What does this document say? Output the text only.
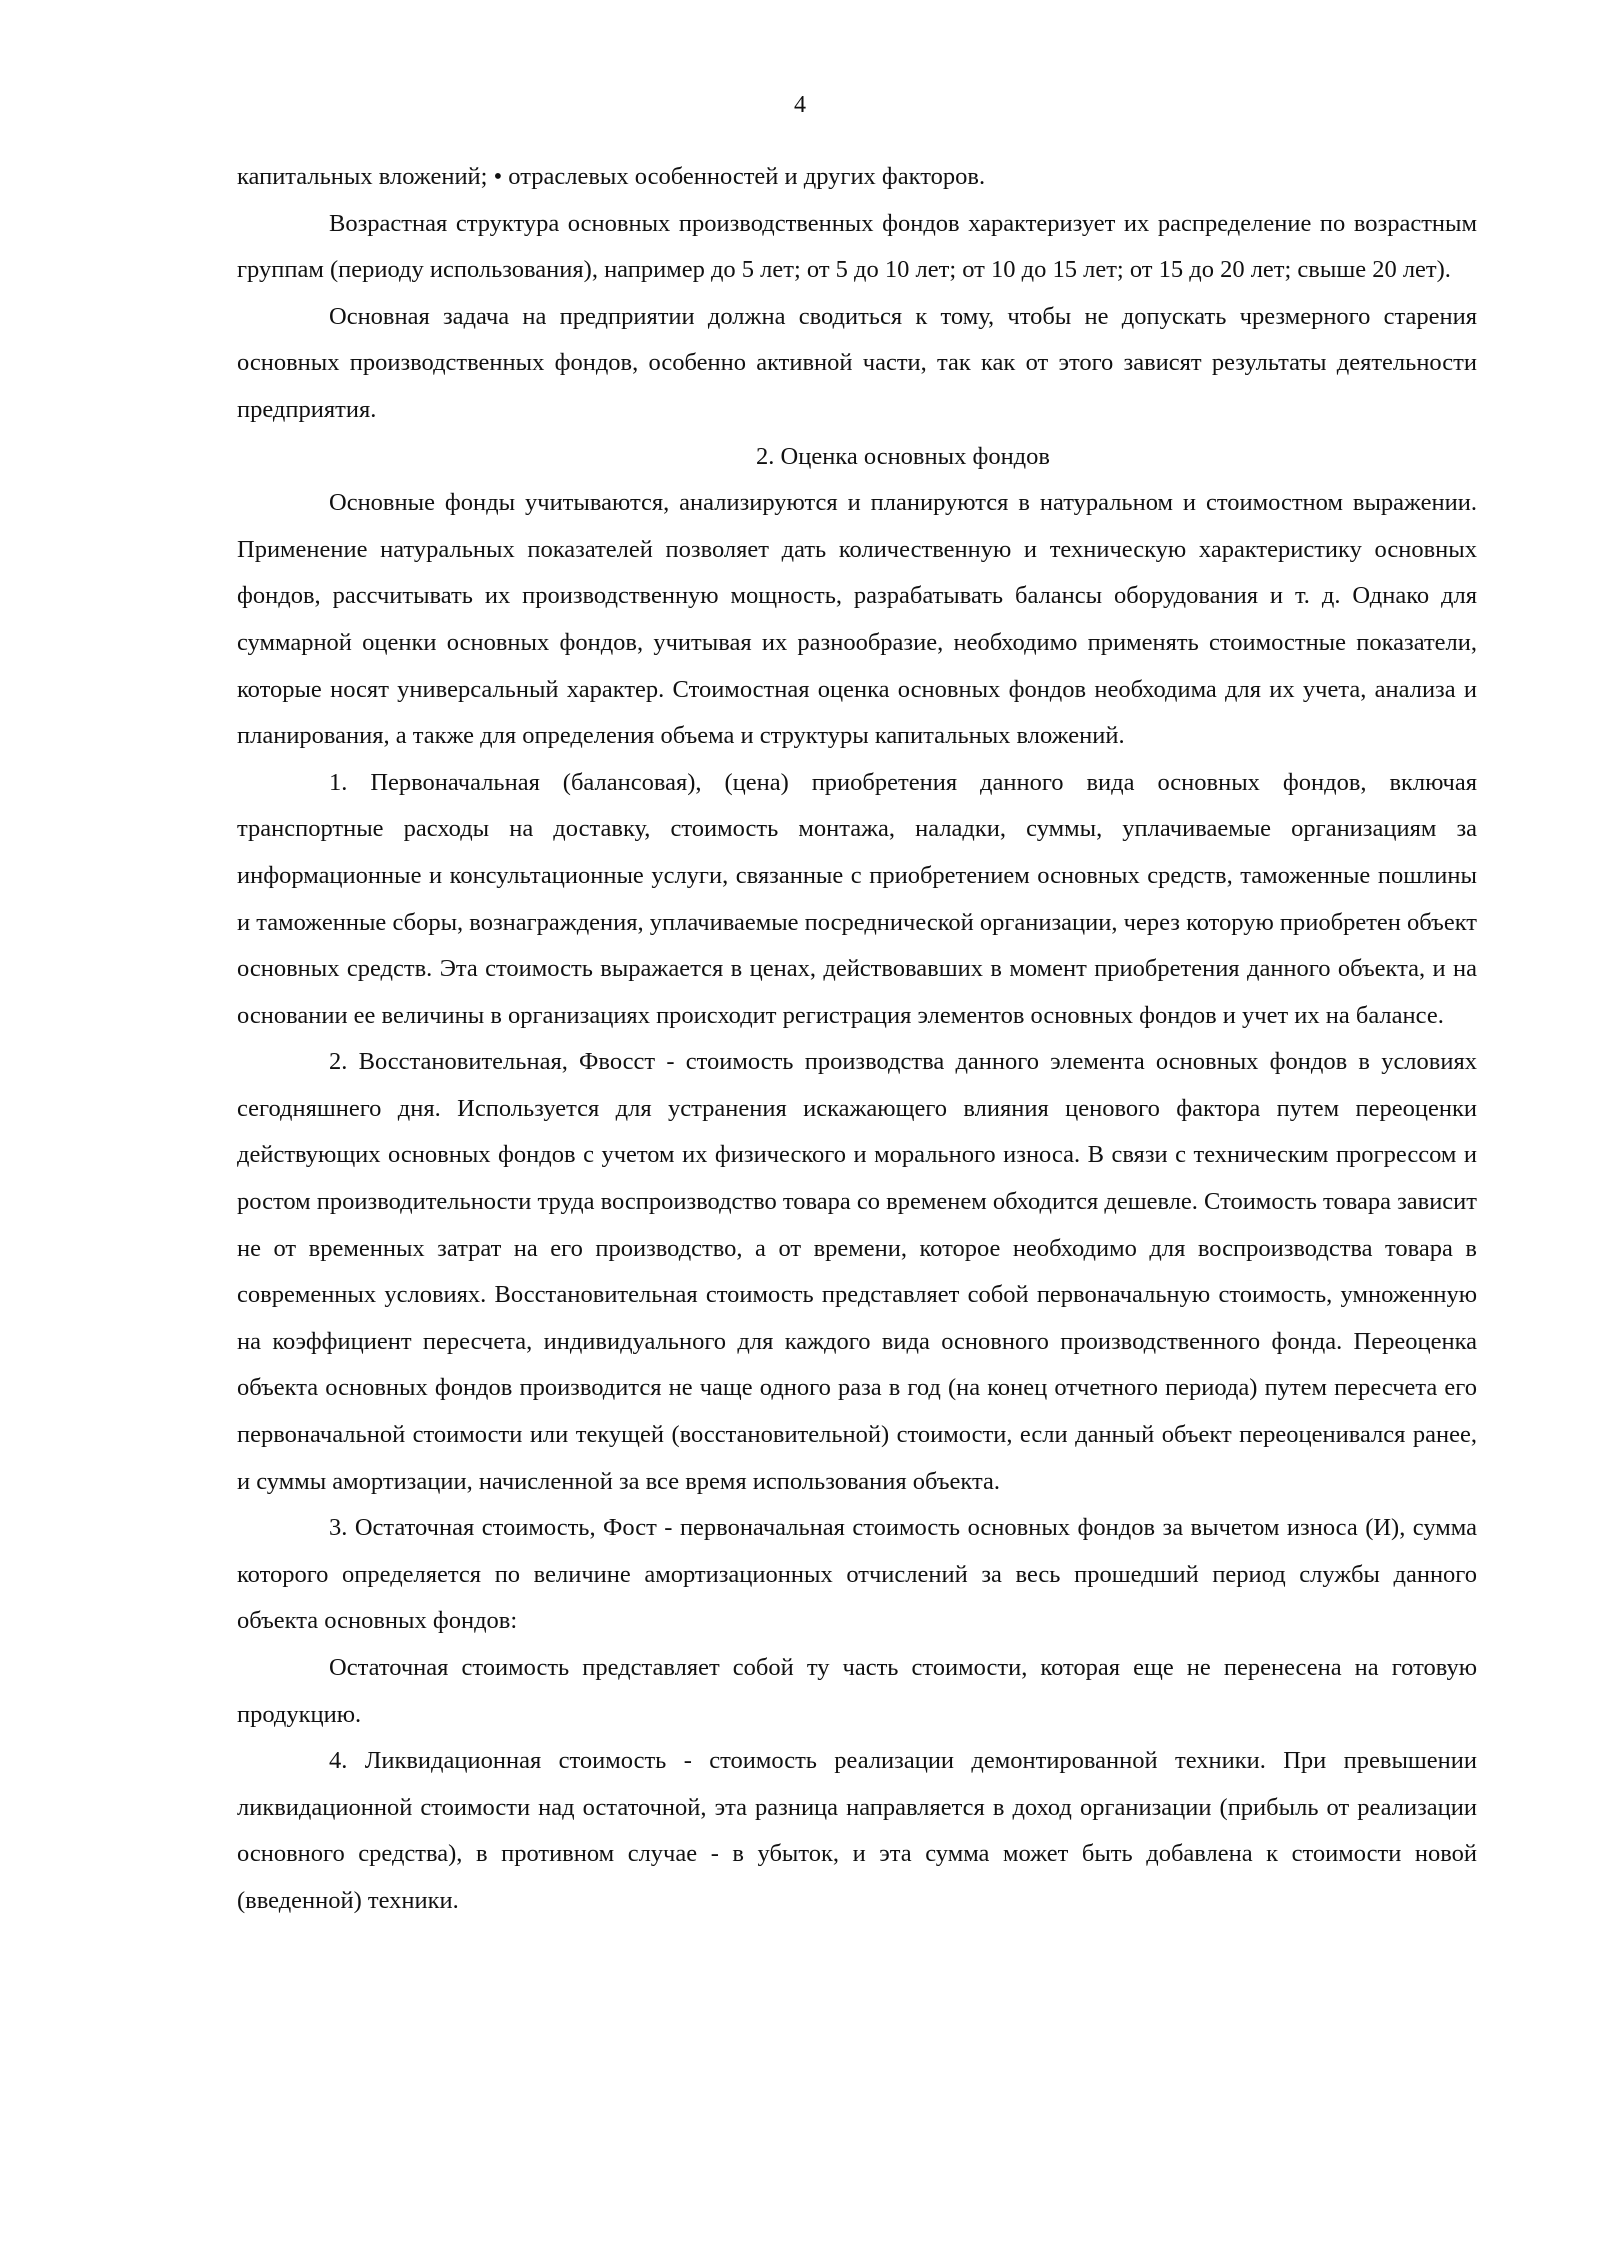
4

капитальных вложений; • отраслевых особенностей и других факторов.

Возрастная структура основных производственных фондов характеризует их распределение по возрастным группам (периоду использования), например до 5 лет; от 5 до 10 лет; от 10 до 15 лет; от 15 до 20 лет; свыше 20 лет).

Основная задача на предприятии должна сводиться к тому, чтобы не допускать чрезмерного старения основных производственных фондов, особенно активной части, так как от этого зависят результаты деятельности предприятия.

2. Оценка основных фондов

Основные фонды учитываются, анализируются и планируются в натуральном и стоимостном выражении. Применение натуральных показателей позволяет дать количественную и техническую характеристику основных фондов, рассчитывать их производственную мощность, разрабатывать балансы оборудования и т. д. Однако для суммарной оценки основных фондов, учитывая их разнообразие, необходимо применять стоимостные показатели, которые носят универсальный характер. Стоимостная оценка основных фондов необходима для их учета, анализа и планирования, а также для определения объема и структуры капитальных вложений.

1. Первоначальная (балансовая), (цена) приобретения данного вида основных фондов, включая транспортные расходы на доставку, стоимость монтажа, наладки, суммы, уплачиваемые организациям за информационные и консультационные услуги, связанные с приобретением основных средств, таможенные пошлины и таможенные сборы, вознаграждения, уплачиваемые посреднической организации, через которую приобретен объект основных средств. Эта стоимость выражается в ценах, действовавших в момент приобретения данного объекта, и на основании ее величины в организациях происходит регистрация элементов основных фондов и учет их на балансе.

2. Восстановительная, Фвосст - стоимость производства данного элемента основных фондов в условиях сегодняшнего дня. Используется для устранения искажающего влияния ценового фактора путем переоценки действующих основных фондов с учетом их физического и морального износа. В связи с техническим прогрессом и ростом производительности труда воспроизводство товара со временем обходится дешевле. Стоимость товара зависит не от временных затрат на его производство, а от времени, которое необходимо для воспроизводства товара в современных условиях. Восстановительная стоимость представляет собой первоначальную стоимость, умноженную на коэффициент пересчета, индивидуального для каждого вида основного производственного фонда. Переоценка объекта основных фондов производится не чаще одного раза в год (на конец отчетного периода) путем пересчета его первоначальной стоимости или текущей (восстановительной) стоимости, если данный объект переоценивался ранее, и суммы амортизации, начисленной за все время использования объекта.

3. Остаточная стоимость, Фост - первоначальная стоимость основных фондов за вычетом износа (И), сумма которого определяется по величине амортизационных отчислений за весь прошедший период службы данного объекта основных фондов:

Остаточная стоимость представляет собой ту часть стоимости, которая еще не перенесена на готовую продукцию.

4. Ликвидационная стоимость - стоимость реализации демонтированной техники. При превышении ликвидационной стоимости над остаточной, эта разница направляется в доход организации (прибыль от реализации основного средства), в противном случае - в убыток, и эта сумма может быть добавлена к стоимости новой (введенной) техники.
